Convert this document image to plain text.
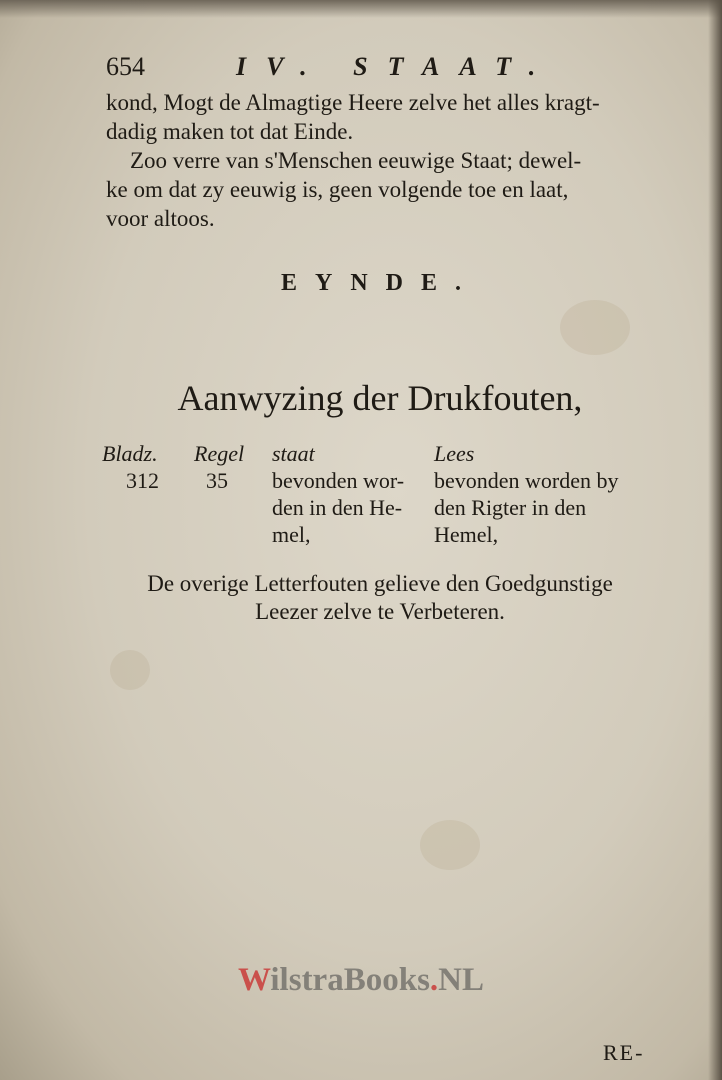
654	IV. STAAT.
kond, Mogt de Almagtige Heere zelve het alles kragt-
dadig maken tot dat Einde.
Zoo verre van s'Menschen eeuwige Staat; dewel-
ke om dat zy eeuwig is, geen volgende toe en laat,
voor altoos.
EYNDE.
Aanwyzing der Drukfouten,
Bladz.
312
Regel
35
staat
bevonden wor-
den in den He-
mel,
Lees
bevonden worden by
den Rigter in den
Hemel,
De overige Letterfouten gelieve den Goedgunstige
Leezer zelve te Verbeteren.
WilstraBooks.NL
RE-
